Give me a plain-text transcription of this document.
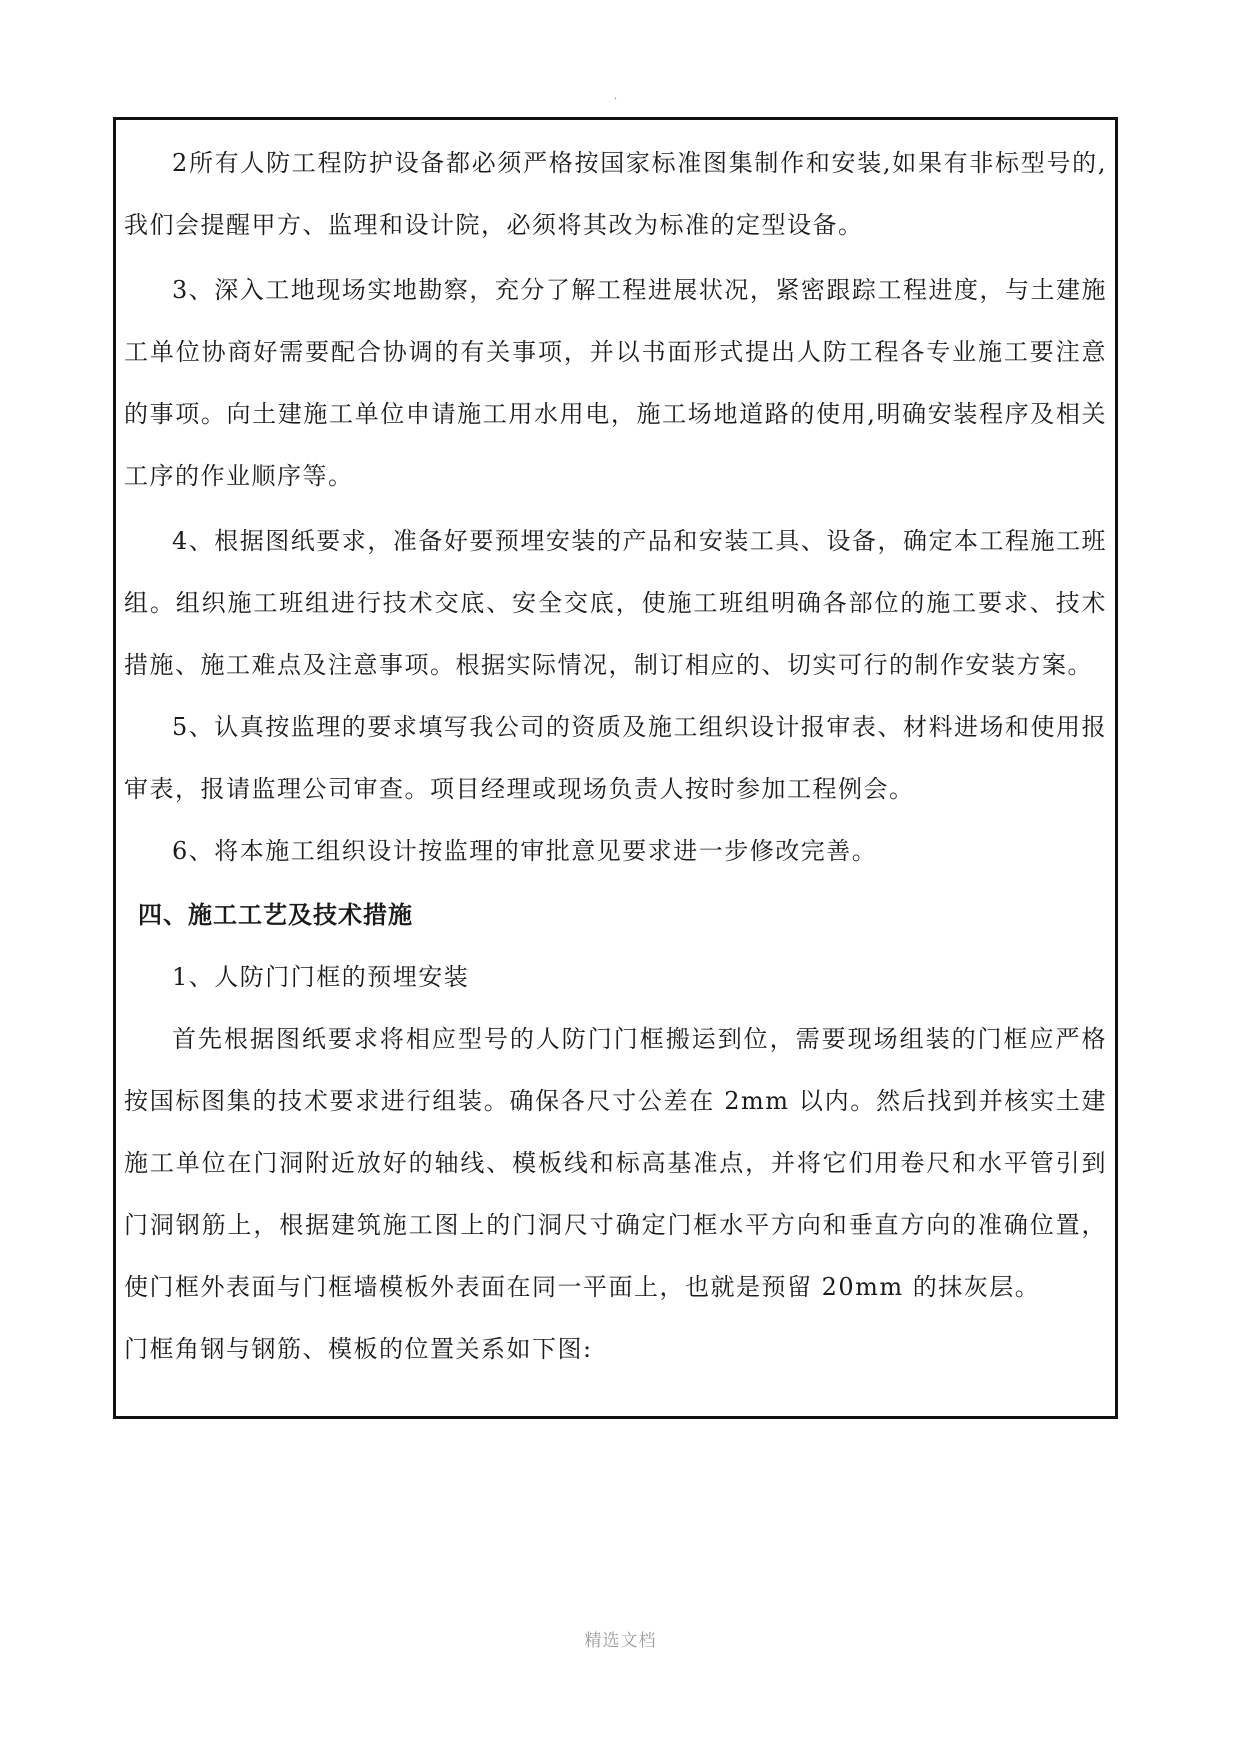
·

2所有人防工程防护设备都必须严格按国家标准图集制作和安装,如果有非标型号的,我们会提醒甲方、监理和设计院，必须将其改为标准的定型设备。

3、深入工地现场实地勘察，充分了解工程进展状况，紧密跟踪工程进度，与土建施工单位协商好需要配合协调的有关事项，并以书面形式提出人防工程各专业施工要注意的事项。向土建施工单位申请施工用水用电，施工场地道路的使用,明确安装程序及相关工序的作业顺序等。

4、根据图纸要求，准备好要预埋安装的产品和安装工具、设备，确定本工程施工班组。组织施工班组进行技术交底、安全交底，使施工班组明确各部位的施工要求、技术措施、施工难点及注意事项。根据实际情况，制订相应的、切实可行的制作安装方案。

5、认真按监理的要求填写我公司的资质及施工组织设计报审表、材料进场和使用报审表，报请监理公司审查。项目经理或现场负责人按时参加工程例会。

6、将本施工组织设计按监理的审批意见要求进一步修改完善。

四、施工工艺及技术措施

1、人防门门框的预埋安装

首先根据图纸要求将相应型号的人防门门框搬运到位，需要现场组装的门框应严格按国标图集的技术要求进行组装。确保各尺寸公差在 2mm 以内。然后找到并核实土建施工单位在门洞附近放好的轴线、模板线和标高基准点，并将它们用卷尺和水平管引到门洞钢筋上，根据建筑施工图上的门洞尺寸确定门框水平方向和垂直方向的准确位置，使门框外表面与门框墙模板外表面在同一平面上，也就是预留 20mm 的抹灰层。

门框角钢与钢筋、模板的位置关系如下图:

精选文档
